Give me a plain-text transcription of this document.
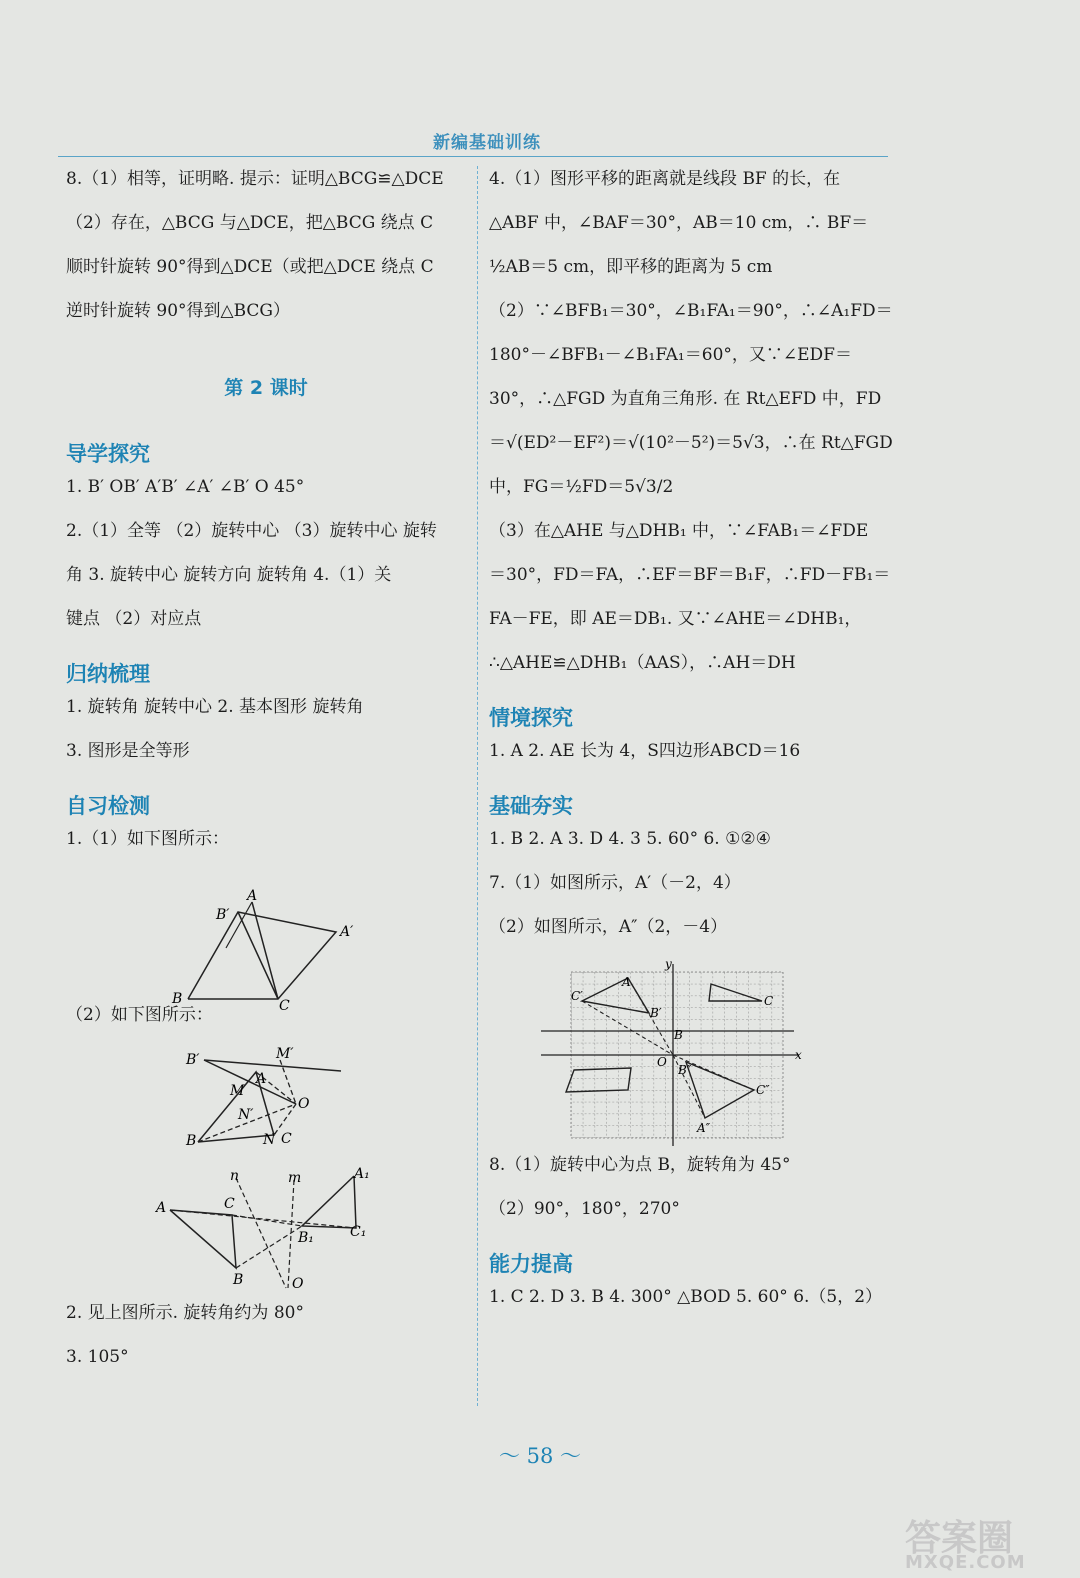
新编基础训练
8.（1）相等，证明略. 提示：证明△BCG≌△DCE
（2）存在，△BCG 与△DCE，把△BCG 绕点 C
顺时针旋转 90°得到△DCE（或把△DCE 绕点 C
逆时针旋转 90°得到△BCG）
第 2 课时
导学探究
1. B′ OB′ A′B′ ∠A′ ∠B′ O 45°
2.（1）全等 （2）旋转中心 （3）旋转中心 旋转
角 3. 旋转中心 旋转方向 旋转角 4.（1）关
键点 （2）对应点
归纳梳理
1. 旋转角 旋转中心 2. 基本图形 旋转角
3. 图形是全等形
自习检测
1.（1）如下图所示：
A
B′
A′
B	C
（2）如下图所示：
B′	M′
A
M
N′
O
B	N C
n	m	A₁
A	C
C₁
B₁
B	O
2. 见上图所示. 旋转角约为 80°
3. 105°
4.（1）图形平移的距离就是线段 BF 的长，在
△ABF 中，∠BAF＝30°，AB＝10 cm，∴ BF＝
½AB＝5 cm，即平移的距离为 5 cm
（2）∵∠BFB₁＝30°，∠B₁FA₁＝90°，∴∠A₁FD＝
180°－∠BFB₁－∠B₁FA₁＝60°，又∵∠EDF＝
30°，∴△FGD 为直角三角形. 在 Rt△EFD 中，FD
＝√(ED²－EF²)＝√(10²－5²)＝5√3，∴在 Rt△FGD
中，FG＝½FD＝5√3/2
（3）在△AHE 与△DHB₁ 中，∵∠FAB₁＝∠FDE
＝30°，FD＝FA，∴EF＝BF＝B₁F，∴FD－FB₁＝
FA－FE，即 AE＝DB₁. 又∵∠AHE＝∠DHB₁，
∴△AHE≌△DHB₁（AAS），∴AH＝DH
情境探究
1. A 2. AE 长为 4，S四边形ABCD＝16
基础夯实
1. B 2. A 3. D 4. 3 5. 60° 6. ①②④
7.（1）如图所示，A′（－2，4）
（2）如图所示，A″（2，－4）
y
x
O
A
C′
B′
C
B
C″
A″
B″
8.（1）旋转中心为点 B，旋转角为 45°
（2）90°，180°，270°
能力提高
1. C 2. D 3. B 4. 300° △BOD 5. 60° 6.（5，2）
～ 58 ～
答案圈
MXQE.COM
